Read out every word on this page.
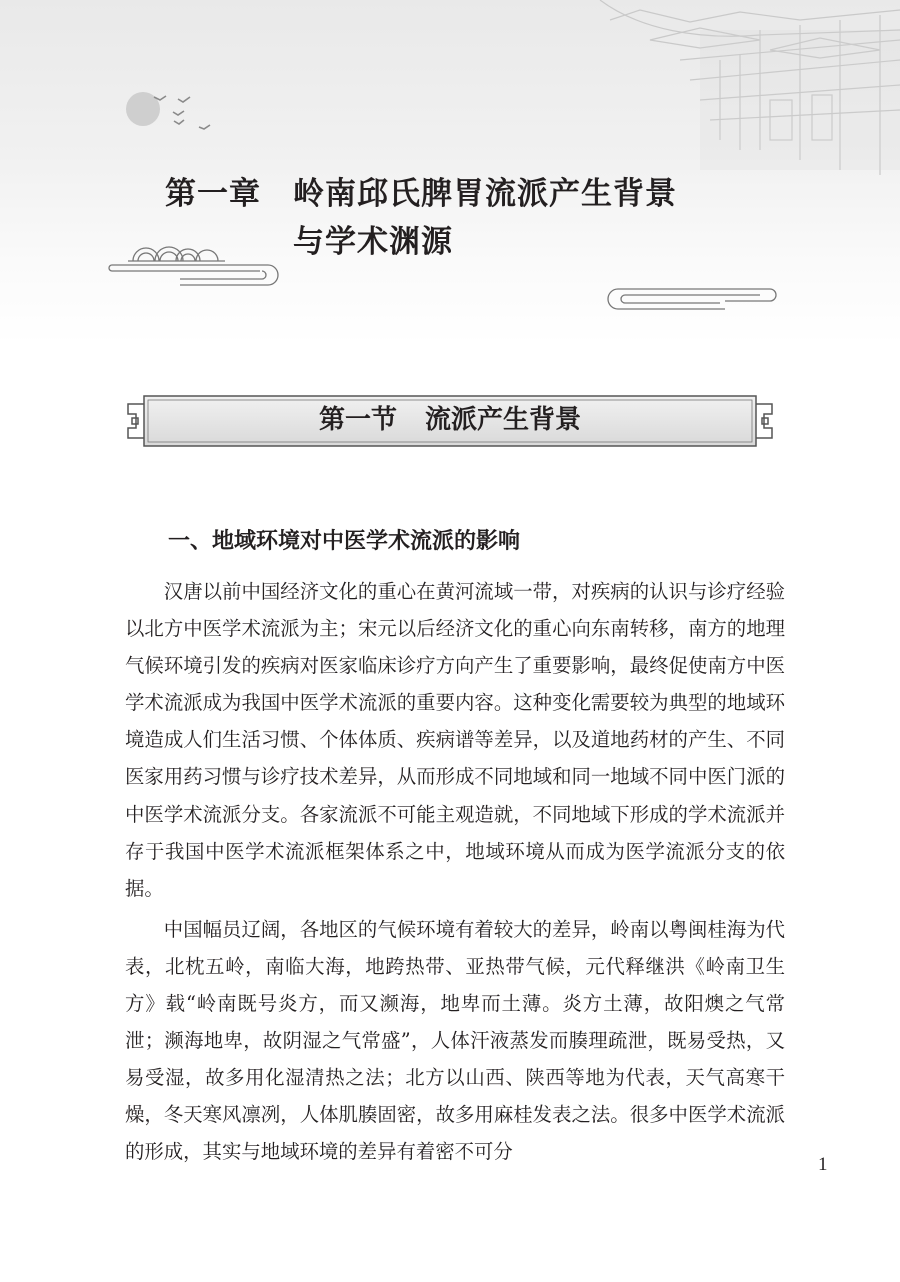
第一章	岭南邱氏脾胃流派产生背景
与学术渊源
第一节 流派产生背景
一、地域环境对中医学术流派的影响

汉唐以前中国经济文化的重心在黄河流域一带，对疾病的认识与诊疗经验以北方中医学术流派为主；宋元以后经济文化的重心向东南转移，南方的地理气候环境引发的疾病对医家临床诊疗方向产生了重要影响，最终促使南方中医学术流派成为我国中医学术流派的重要内容。这种变化需要较为典型的地域环境造成人们生活习惯、个体体质、疾病谱等差异，以及道地药材的产生、不同医家用药习惯与诊疗技术差异，从而形成不同地域和同一地域不同中医门派的中医学术流派分支。各家流派不可能主观造就，不同地域下形成的学术流派并存于我国中医学术流派框架体系之中，地域环境从而成为医学流派分支的依据。

中国幅员辽阔，各地区的气候环境有着较大的差异，岭南以粤闽桂海为代表，北枕五岭，南临大海，地跨热带、亚热带气候，元代释继洪《岭南卫生方》载“岭南既号炎方，而又濒海，地卑而土薄。炎方土薄，故阳燠之气常泄；濒海地卑，故阴湿之气常盛”，人体汗液蒸发而腠理疏泄，既易受热，又易受湿，故多用化湿清热之法；北方以山西、陕西等地为代表，天气高寒干燥，冬天寒风凛冽，人体肌腠固密，故多用麻桂发表之法。很多中医学术流派的形成，其实与地域环境的差异有着密不可分

1
